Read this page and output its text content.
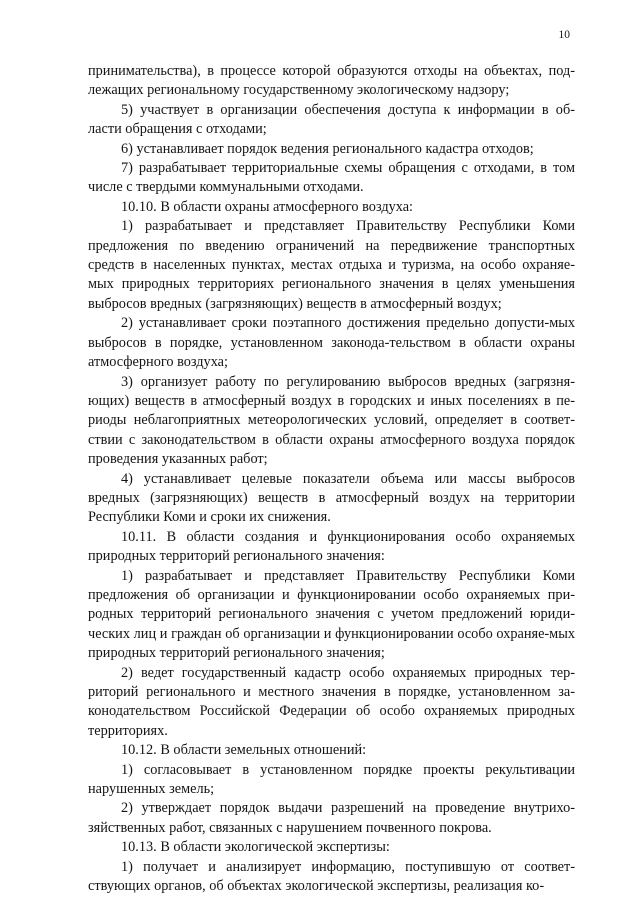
10

принимательства), в процессе которой образуются отходы на объектах, под-лежащих региональному государственному экологическому надзору;

5) участвует в организации обеспечения доступа к информации в об-ласти обращения с отходами;

6) устанавливает порядок ведения регионального кадастра отходов;

7) разрабатывает территориальные схемы обращения с отходами, в том числе с твердыми коммунальными отходами.

10.10. В области охраны атмосферного воздуха:

1) разрабатывает и представляет Правительству Республики Коми предложения по введению ограничений на передвижение транспортных средств в населенных пунктах, местах отдыха и туризма, на особо охраняе-мых природных территориях регионального значения в целях уменьшения выбросов вредных (загрязняющих) веществ в атмосферный воздух;

2) устанавливает сроки поэтапного достижения предельно допусти-мых выбросов в порядке, установленном законода-тельством в области охраны атмосферного воздуха;

3) организует работу по регулированию выбросов вредных (загрязня-ющих) веществ в атмосферный воздух в городских и иных поселениях в пе-риоды неблагоприятных метеорологических условий, определяет в соответ-ствии с законодательством в области охраны атмосферного воздуха порядок проведения указанных работ;

4) устанавливает целевые показатели объема или массы выбросов вредных (загрязняющих) веществ в атмосферный воздух на территории Республики Коми и сроки их снижения.

10.11. В области создания и функционирования особо охраняемых природных территорий регионального значения:

1) разрабатывает и представляет Правительству Республики Коми предложения об организации и функционировании особо охраняемых при-родных территорий регионального значения с учетом предложений юриди-ческих лиц и граждан об организации и функционировании особо охраняе-мых природных территорий регионального значения;

2) ведет государственный кадастр особо охраняемых природных тер-риторий регионального и местного значения в порядке, установленном за-конодательством Российской Федерации об особо охраняемых природных территориях.

10.12. В области земельных отношений:

1) согласовывает в установленном порядке проекты рекультивации нарушенных земель;

2) утверждает порядок выдачи разрешений на проведение внутрихо-зяйственных работ, связанных с нарушением почвенного покрова.

10.13. В области экологической экспертизы:

1) получает и анализирует информацию, поступившую от соответ-ствующих органов, об объектах экологической экспертизы, реализация ко-
